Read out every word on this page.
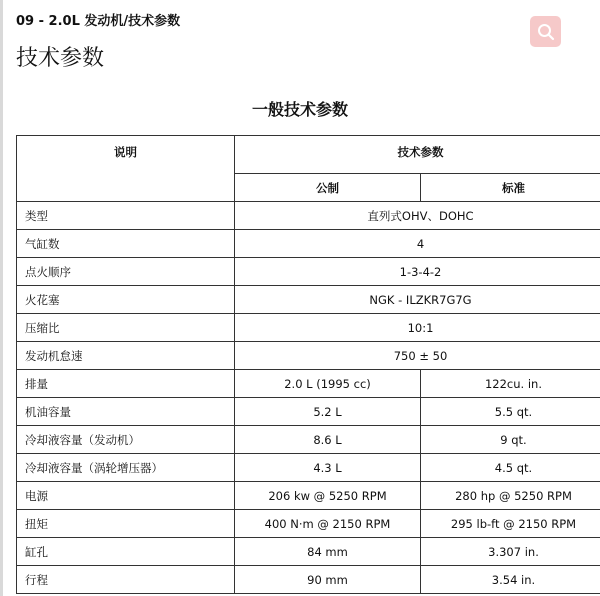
09 - 2.0L 发动机/技术参数
技术参数
一般技术参数
说明	技术参数	
	公制	标准
类型	直列式OHV、DOHC	
气缸数	4	
点火顺序	1-3-4-2	
火花塞	NGK - ILZKR7G7G	
压缩比	10:1	
发动机怠速	750 ± 50	
排量	2.0 L (1995 cc)	122cu. in.
机油容量	5.2 L	5.5 qt.
冷却液容量（发动机）	8.6 L	9 qt.
冷却液容量（涡轮增压器）	4.3 L	4.5 qt.
电源	206 kw @ 5250 RPM	280 hp @ 5250 RPM
扭矩	400 N·m @ 2150 RPM	295 lb-ft @ 2150 RPM
缸孔	84 mm	3.307 in.
行程	90 mm	3.54 in.
